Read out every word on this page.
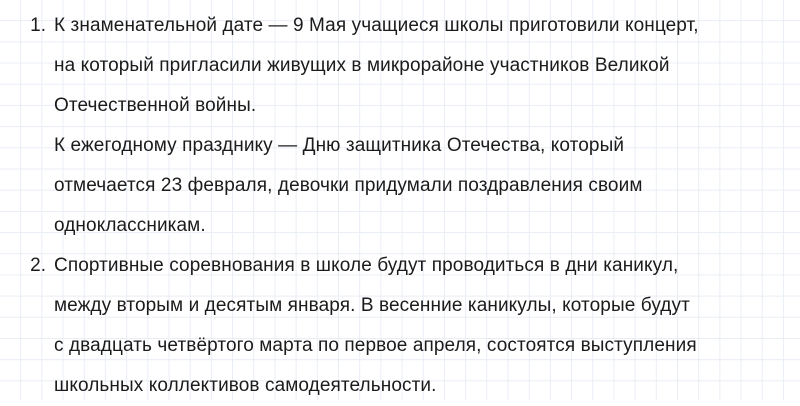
1. К знаменательной дате — 9 Мая учащиеся школы приготовили концерт,
на который пригласили живущих в микрорайоне участников Великой
Отечественной войны.
К ежегодному празднику — Дню защитника Отечества, который
отмечается 23 февраля, девочки придумали поздравления своим
одноклассникам.
2. Спортивные соревнования в школе будут проводиться в дни каникул,
между вторым и десятым января. В весенние каникулы, которые будут
с двадцать четвёртого марта по первое апреля, состоятся выступления
школьных коллективов самодеятельности.
